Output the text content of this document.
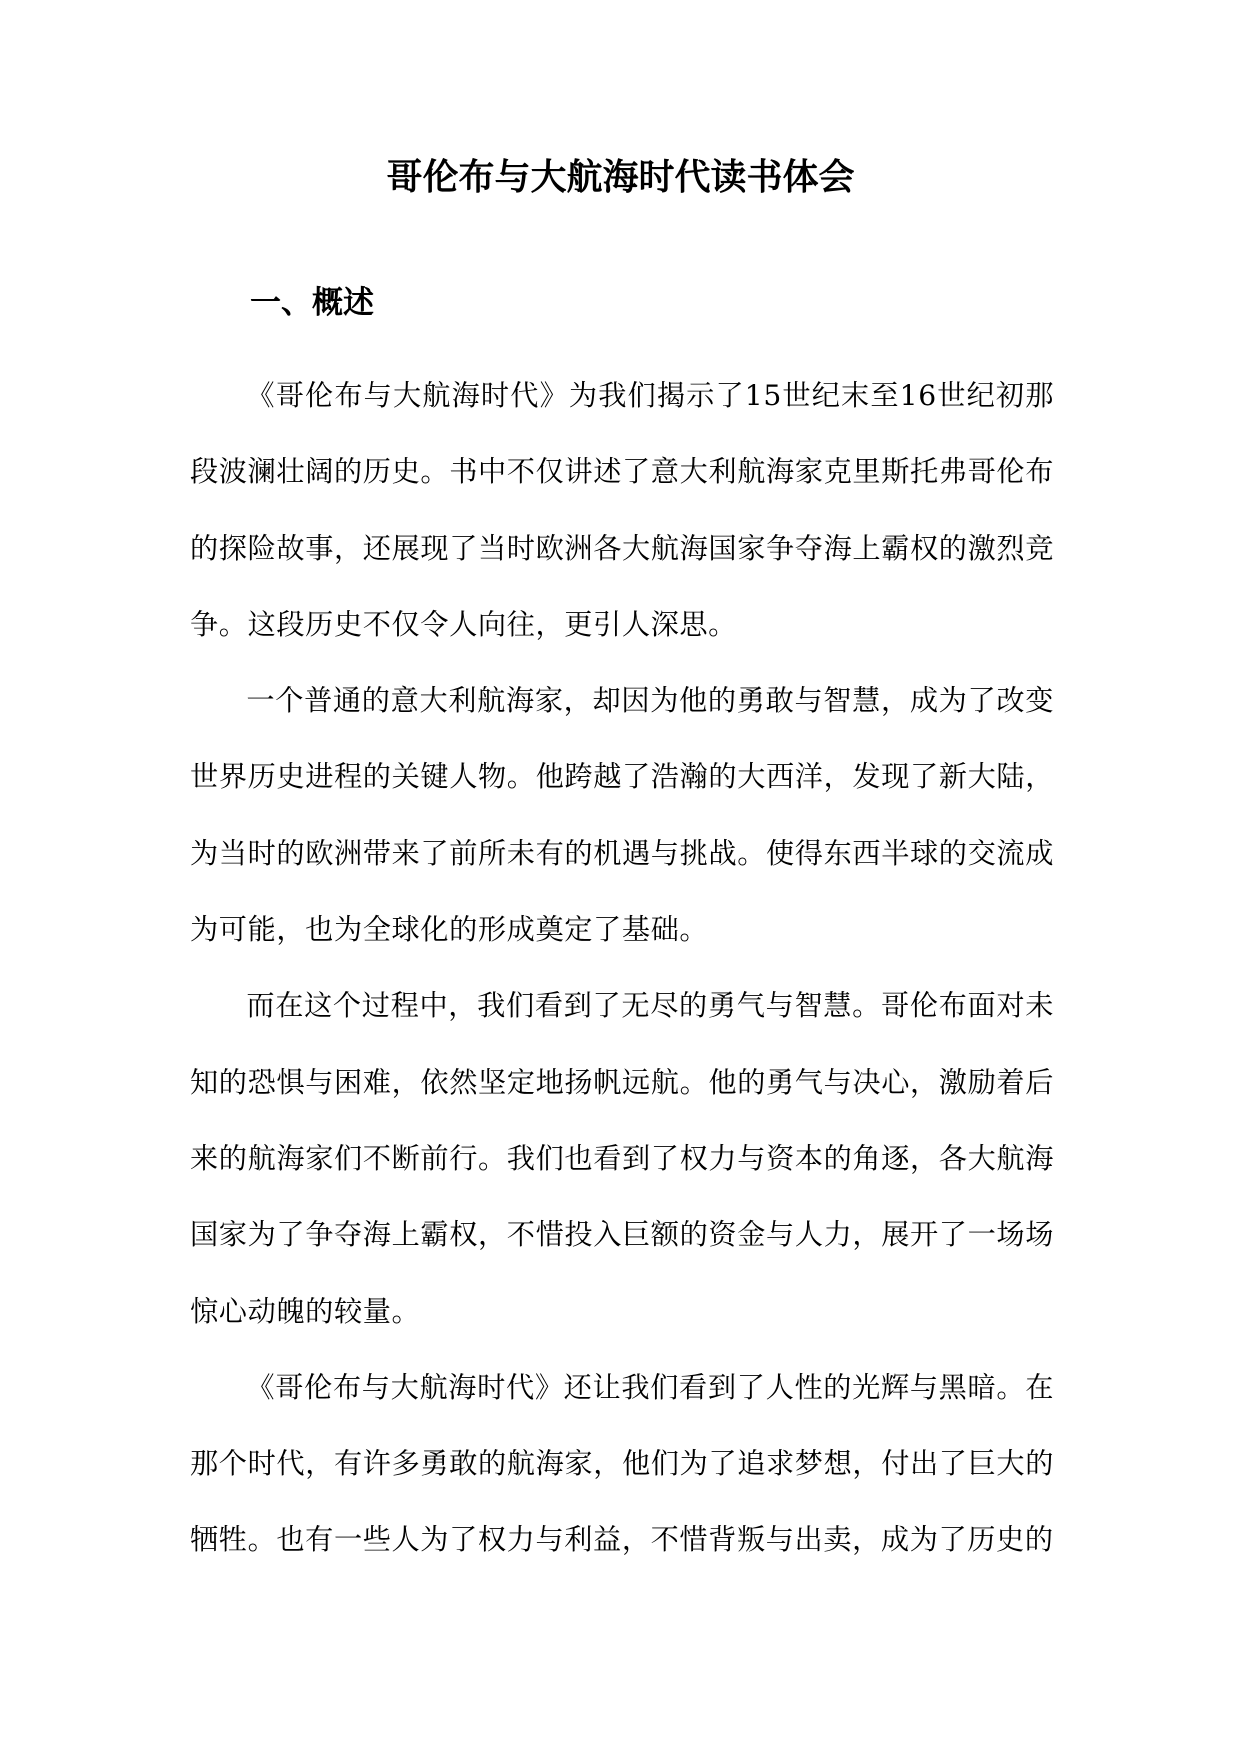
哥伦布与大航海时代读书体会
一、概述

《哥伦布与大航海时代》为我们揭示了15世纪末至16世纪初那段波澜壮阔的历史。书中不仅讲述了意大利航海家克里斯托弗哥伦布的探险故事，还展现了当时欧洲各大航海国家争夺海上霸权的激烈竞争。这段历史不仅令人向往，更引人深思。

一个普通的意大利航海家，却因为他的勇敢与智慧，成为了改变世界历史进程的关键人物。他跨越了浩瀚的大西洋，发现了新大陆，为当时的欧洲带来了前所未有的机遇与挑战。使得东西半球的交流成为可能，也为全球化的形成奠定了基础。

而在这个过程中，我们看到了无尽的勇气与智慧。哥伦布面对未知的恐惧与困难，依然坚定地扬帆远航。他的勇气与决心，激励着后来的航海家们不断前行。我们也看到了权力与资本的角逐，各大航海国家为了争夺海上霸权，不惜投入巨额的资金与人力，展开了一场场惊心动魄的较量。

《哥伦布与大航海时代》还让我们看到了人性的光辉与黑暗。在那个时代，有许多勇敢的航海家，他们为了追求梦想，付出了巨大的牺牲。也有一些人为了权力与利益，不惜背叛与出卖，成为了历史的
